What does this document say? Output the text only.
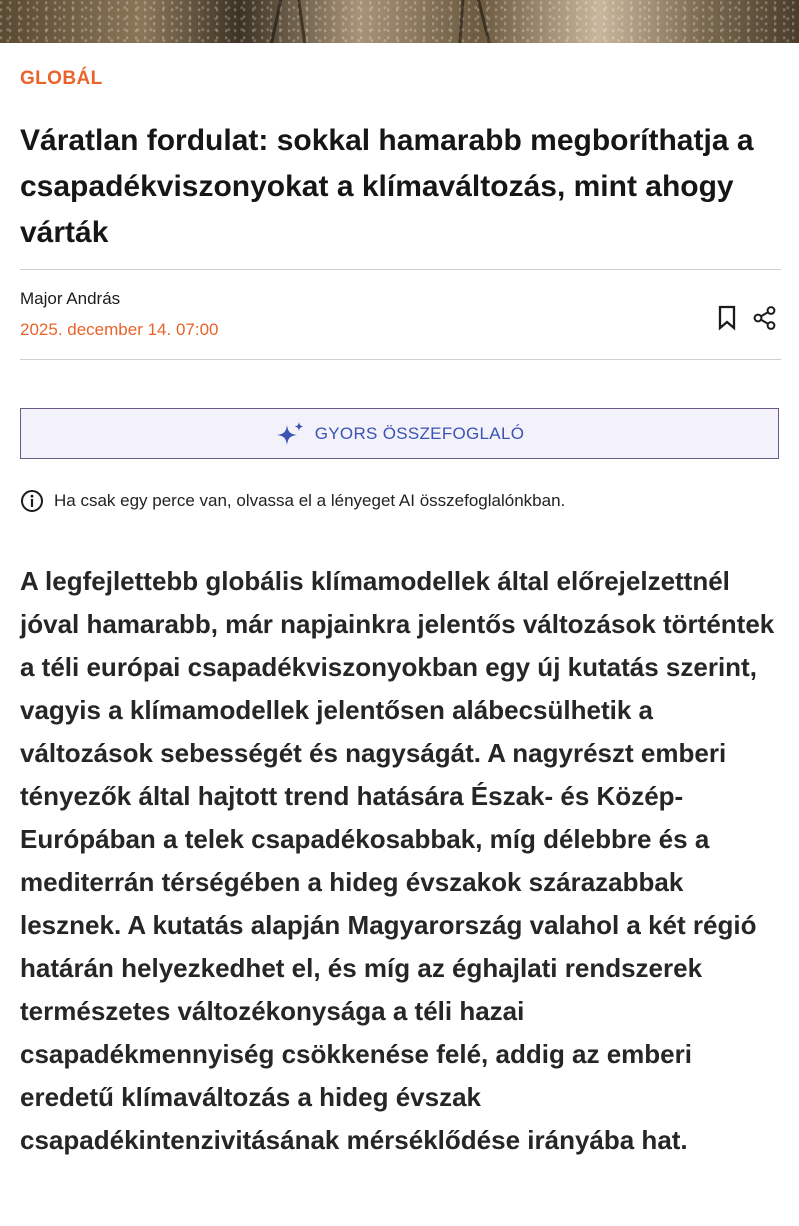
GLOBÁL
Váratlan fordulat: sokkal hamarabb megboríthatja a csapadékviszonyokat a klímaváltozás, mint ahogy várták
Major András
2025. december 14. 07:00
GYORS ÖSSZEFOGLALÓ
Ha csak egy perce van, olvassa el a lényeget AI összefoglalónkban.

A legfejlettebb globális klímamodellek által előrejelzettnél jóval hamarabb, már napjainkra jelentős változások történtek a téli európai csapadékviszonyokban egy új kutatás szerint, vagyis a klímamodellek jelentősen alábecsülhetik a változások sebességét és nagyságát. A nagyrészt emberi tényezők által hajtott trend hatására Észak- és Közép-Európában a telek csapadékosabbak, míg délebbre és a mediterrán térségében a hideg évszakok szárazabbak lesznek. A kutatás alapján Magyarország valahol a két régió határán helyezkedhet el, és míg az éghajlati rendszerek természetes változékonysága a téli hazai csapadékmennyiség csökkenése felé, addig az emberi eredetű klímaváltozás a hideg évszak csapadékintenzivitásának mérséklődése irányába hat.
